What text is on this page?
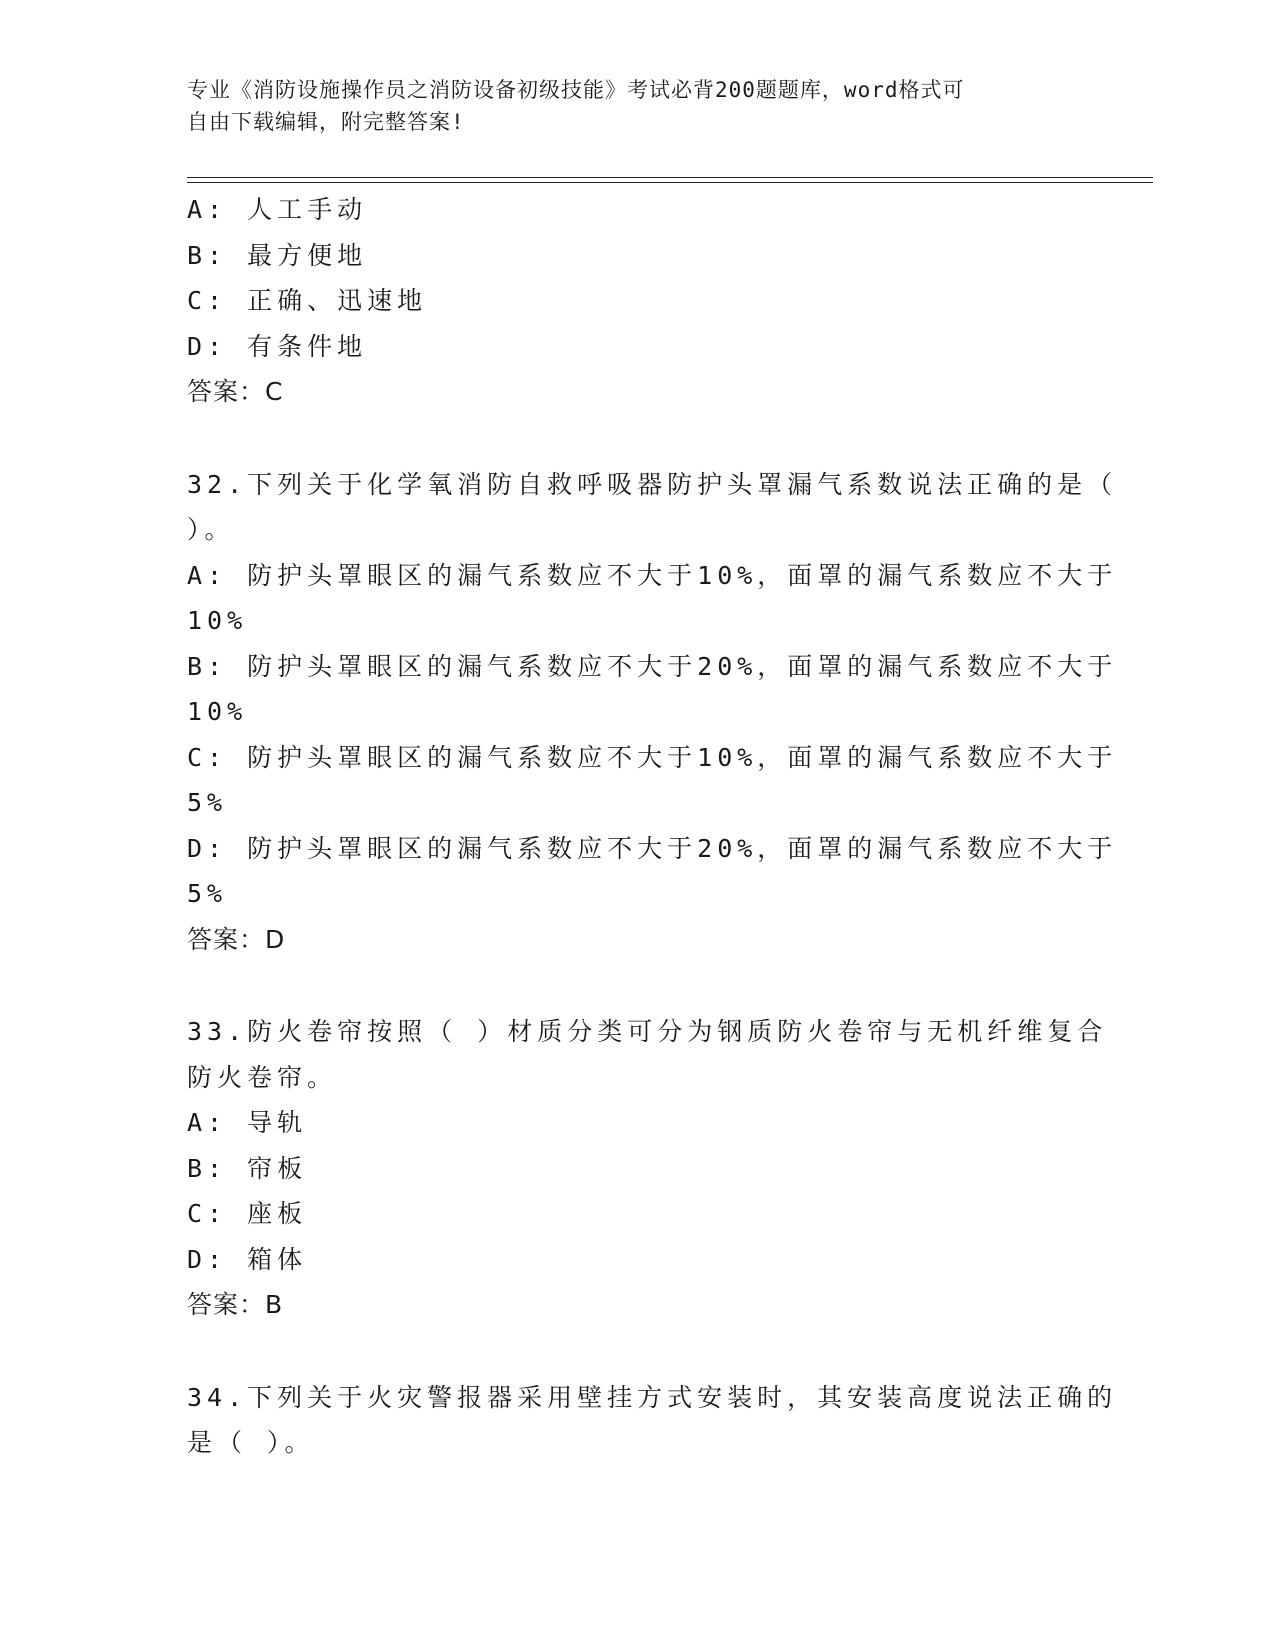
专业《消防设施操作员之消防设备初级技能》考试必背200题题库，word格式可
自由下载编辑，附完整答案!
A: 人工手动
B: 最方便地
C: 正确、迅速地
D: 有条件地
答案：C
32.下列关于化学氧消防自救呼吸器防护头罩漏气系数说法正确的是（
）。
A: 防护头罩眼区的漏气系数应不大于10%，面罩的漏气系数应不大于
10%
B: 防护头罩眼区的漏气系数应不大于20%，面罩的漏气系数应不大于
10%
C: 防护头罩眼区的漏气系数应不大于10%，面罩的漏气系数应不大于
5%
D: 防护头罩眼区的漏气系数应不大于20%，面罩的漏气系数应不大于
5%
答案：D
33.防火卷帘按照（ ）材质分类可分为钢质防火卷帘与无机纤维复合
防火卷帘。
A: 导轨
B: 帘板
C: 座板
D: 箱体
答案：B
34.下列关于火灾警报器采用壁挂方式安装时，其安装高度说法正确的
是（ ）。
